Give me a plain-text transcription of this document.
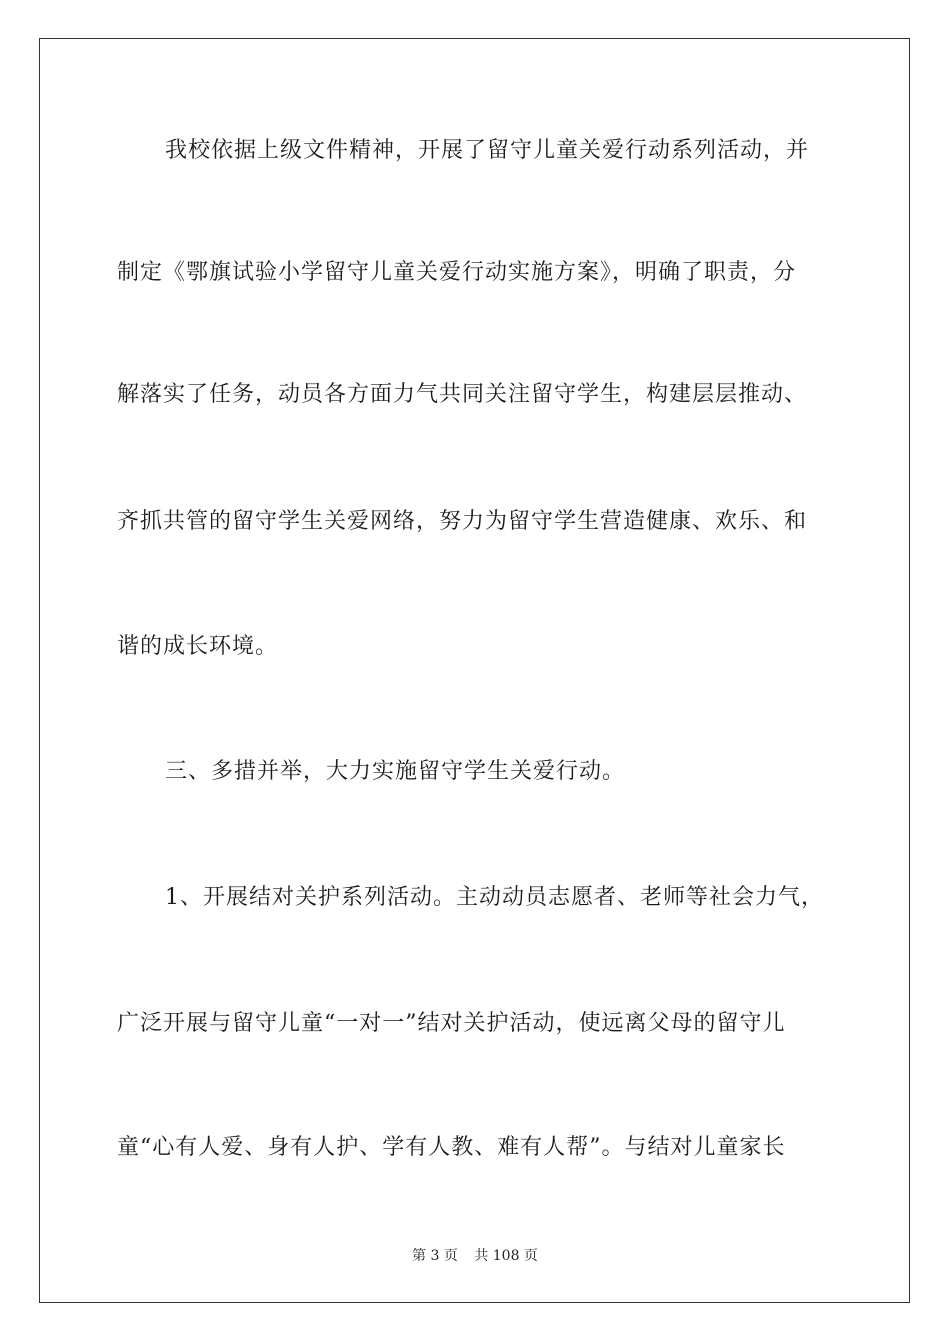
我校依据上级文件精神，开展了留守儿童关爱行动系列活动，并
制定《鄂旗试验小学留守儿童关爱行动实施方案》，明确了职责，分
解落实了任务，动员各方面力气共同关注留守学生，构建层层推动、
齐抓共管的留守学生关爱网络，努力为留守学生营造健康、欢乐、和
谐的成长环境。
三、多措并举，大力实施留守学生关爱行动。
1、开展结对关护系列活动。主动动员志愿者、老师等社会力气，
广泛开展与留守儿童“一对一”结对关护活动，使远离父母的留守儿
童“心有人爱、身有人护、学有人教、难有人帮”。与结对儿童家长
第 3 页 共 108 页
